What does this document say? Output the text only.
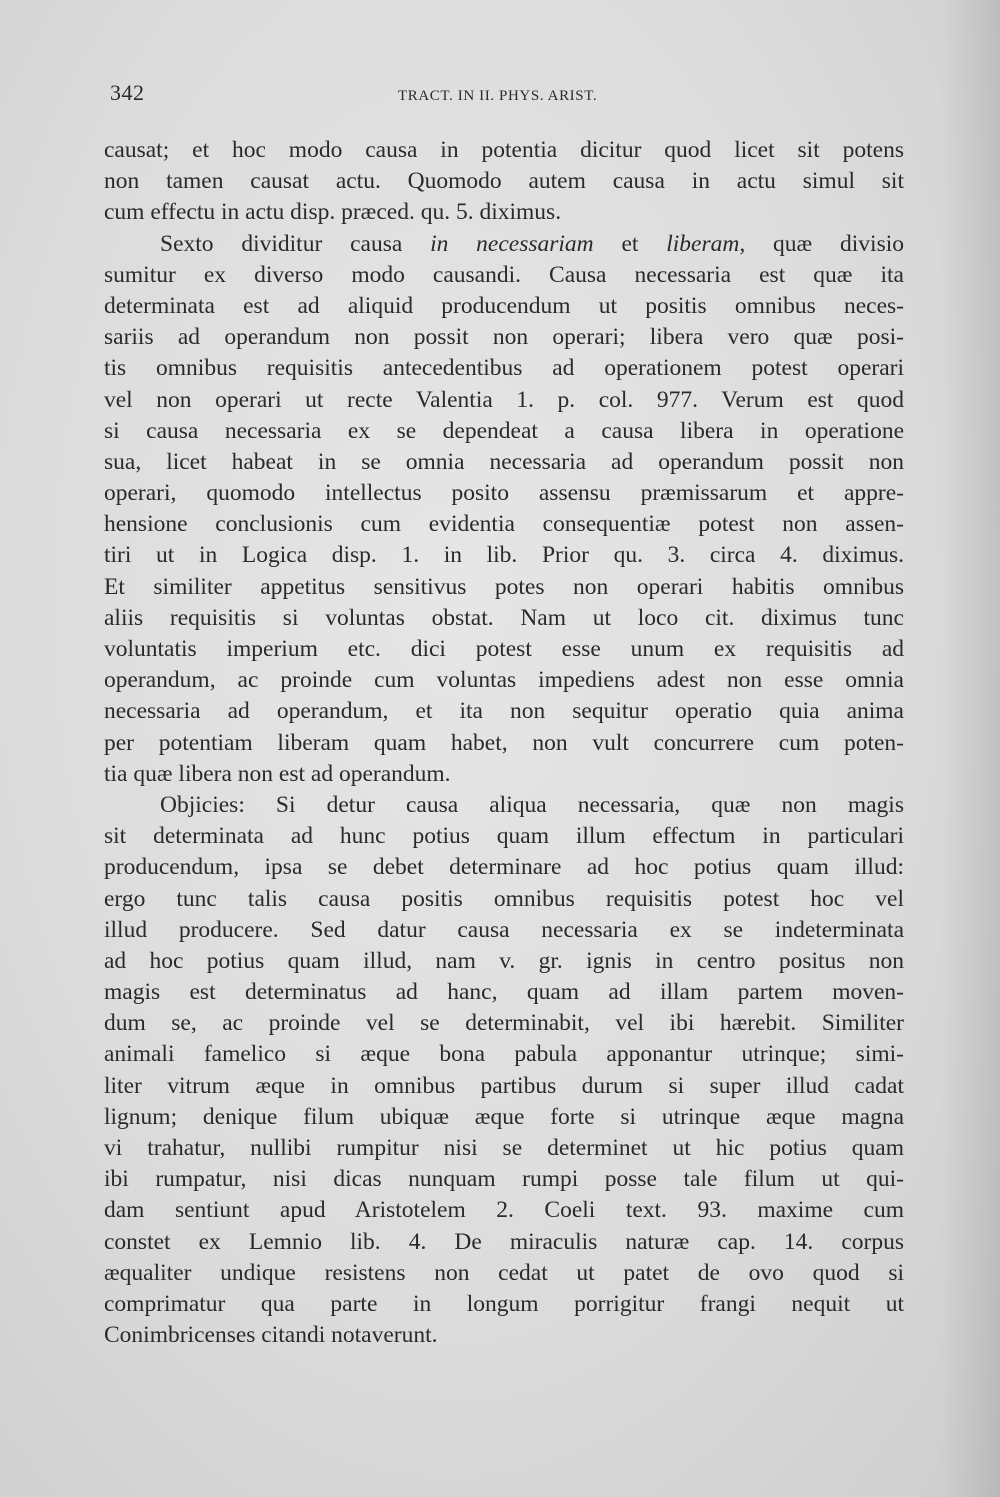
342	TRACT. IN II. PHYS. ARIST.
causat; et hoc modo causa in potentia dicitur quod licet sit potens
non tamen causat actu. Quomodo autem causa in actu simul sit
cum effectu in actu disp. præced. qu. 5. diximus.
Sexto dividitur causa in necessariam et liberam, quæ divisio
sumitur ex diverso modo causandi. Causa necessaria est quæ ita
determinata est ad aliquid producendum ut positis omnibus neces-
sariis ad operandum non possit non operari; libera vero quæ posi-
tis omnibus requisitis antecedentibus ad operationem potest operari
vel non operari ut recte Valentia 1. p. col. 977. Verum est quod
si causa necessaria ex se dependeat a causa libera in operatione
sua, licet habeat in se omnia necessaria ad operandum possit non
operari, quomodo intellectus posito assensu præmissarum et appre-
hensione conclusionis cum evidentia consequentiæ potest non assen-
tiri ut in Logica disp. 1. in lib. Prior qu. 3. circa 4. diximus.
Et similiter appetitus sensitivus potes non operari habitis omnibus
aliis requisitis si voluntas obstat. Nam ut loco cit. diximus tunc
voluntatis imperium etc. dici potest esse unum ex requisitis ad
operandum, ac proinde cum voluntas impediens adest non esse omnia
necessaria ad operandum, et ita non sequitur operatio quia anima
per potentiam liberam quam habet, non vult concurrere cum poten-
tia quæ libera non est ad operandum.
Objicies: Si detur causa aliqua necessaria, quæ non magis
sit determinata ad hunc potius quam illum effectum in particulari
producendum, ipsa se debet determinare ad hoc potius quam illud:
ergo tunc talis causa positis omnibus requisitis potest hoc vel
illud producere. Sed datur causa necessaria ex se indeterminata
ad hoc potius quam illud, nam v. gr. ignis in centro positus non
magis est determinatus ad hanc, quam ad illam partem moven-
dum se, ac proinde vel se determinabit, vel ibi hærebit. Similiter
animali famelico si æque bona pabula apponantur utrinque; simi-
liter vitrum æque in omnibus partibus durum si super illud cadat
lignum; denique filum ubiquæ æque forte si utrinque æque magna
vi trahatur, nullibi rumpitur nisi se determinet ut hic potius quam
ibi rumpatur, nisi dicas nunquam rumpi posse tale filum ut qui-
dam sentiunt apud Aristotelem 2. Coeli text. 93. maxime cum
constet ex Lemnio lib. 4. De miraculis naturæ cap. 14. corpus
æqualiter undique resistens non cedat ut patet de ovo quod si
comprimatur qua parte in longum porrigitur frangi nequit ut
Conimbricenses citandi notaverunt.
